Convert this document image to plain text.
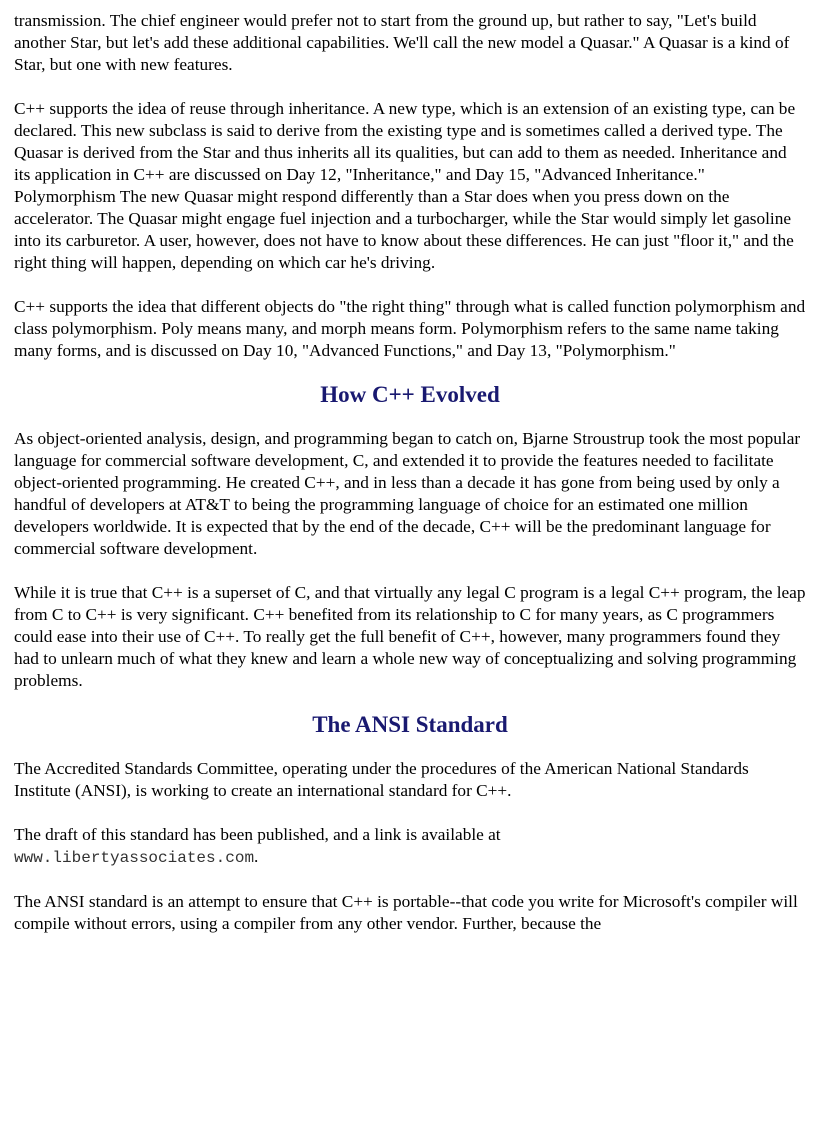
transmission. The chief engineer would prefer not to start from the ground up, but rather to say, "Let's build another Star, but let's add these additional capabilities. We'll call the new model a Quasar." A Quasar is a kind of Star, but one with new features.

C++ supports the idea of reuse through inheritance. A new type, which is an extension of an existing type, can be declared. This new subclass is said to derive from the existing type and is sometimes called a derived type. The Quasar is derived from the Star and thus inherits all its qualities, but can add to them as needed. Inheritance and its application in C++ are discussed on Day 12, "Inheritance," and Day 15, "Advanced Inheritance." Polymorphism The new Quasar might respond differently than a Star does when you press down on the accelerator. The Quasar might engage fuel injection and a turbocharger, while the Star would simply let gasoline into its carburetor. A user, however, does not have to know about these differences. He can just "floor it," and the right thing will happen, depending on which car he's driving.

C++ supports the idea that different objects do "the right thing" through what is called function polymorphism and class polymorphism. Poly means many, and morph means form. Polymorphism refers to the same name taking many forms, and is discussed on Day 10, "Advanced Functions," and Day 13, "Polymorphism."

How C++ Evolved

As object-oriented analysis, design, and programming began to catch on, Bjarne Stroustrup took the most popular language for commercial software development, C, and extended it to provide the features needed to facilitate object-oriented programming. He created C++, and in less than a decade it has gone from being used by only a handful of developers at AT&T to being the programming language of choice for an estimated one million developers worldwide. It is expected that by the end of the decade, C++ will be the predominant language for commercial software development.

While it is true that C++ is a superset of C, and that virtually any legal C program is a legal C++ program, the leap from C to C++ is very significant. C++ benefited from its relationship to C for many years, as C programmers could ease into their use of C++. To really get the full benefit of C++, however, many programmers found they had to unlearn much of what they knew and learn a whole new way of conceptualizing and solving programming problems.

The ANSI Standard

The Accredited Standards Committee, operating under the procedures of the American National Standards Institute (ANSI), is working to create an international standard for C++.

The draft of this standard has been published, and a link is available at
www.libertyassociates.com.

The ANSI standard is an attempt to ensure that C++ is portable--that code you write for Microsoft's compiler will compile without errors, using a compiler from any other vendor. Further, because the
